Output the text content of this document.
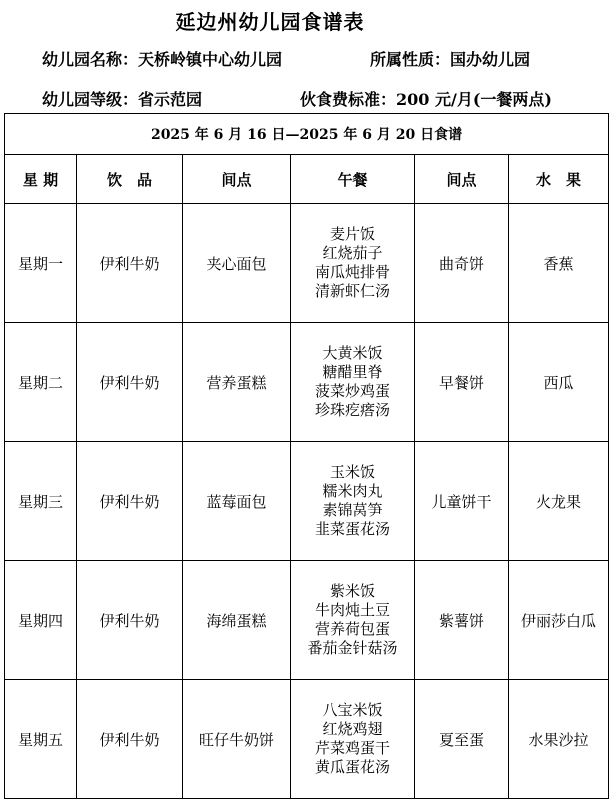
延边州幼儿园食谱表
幼儿园名称：天桥岭镇中心幼儿园	所属性质：国办幼儿园
幼儿园等级：省示范园	伙食费标准：200 元/月(一餐两点)
2025 年 6 月 16 日—2025 年 6 月 20 日食谱					
星 期	饮　品	间点	午餐	间点	水　果
星期一	伊利牛奶	夹心面包	麦片饭
红烧茄子
南瓜炖排骨
清新虾仁汤	曲奇饼	香蕉
星期二	伊利牛奶	营养蛋糕	大黄米饭
糖醋里脊
菠菜炒鸡蛋
珍珠疙瘩汤	早餐饼	西瓜
星期三	伊利牛奶	蓝莓面包	玉米饭
糯米肉丸
素锦莴笋
韭菜蛋花汤	儿童饼干	火龙果
星期四	伊利牛奶	海绵蛋糕	紫米饭
牛肉炖土豆
营养荷包蛋
番茄金针菇汤	紫薯饼	伊丽莎白瓜
星期五	伊利牛奶	旺仔牛奶饼	八宝米饭
红烧鸡翅
芹菜鸡蛋干
黄瓜蛋花汤	夏至蛋	水果沙拉
